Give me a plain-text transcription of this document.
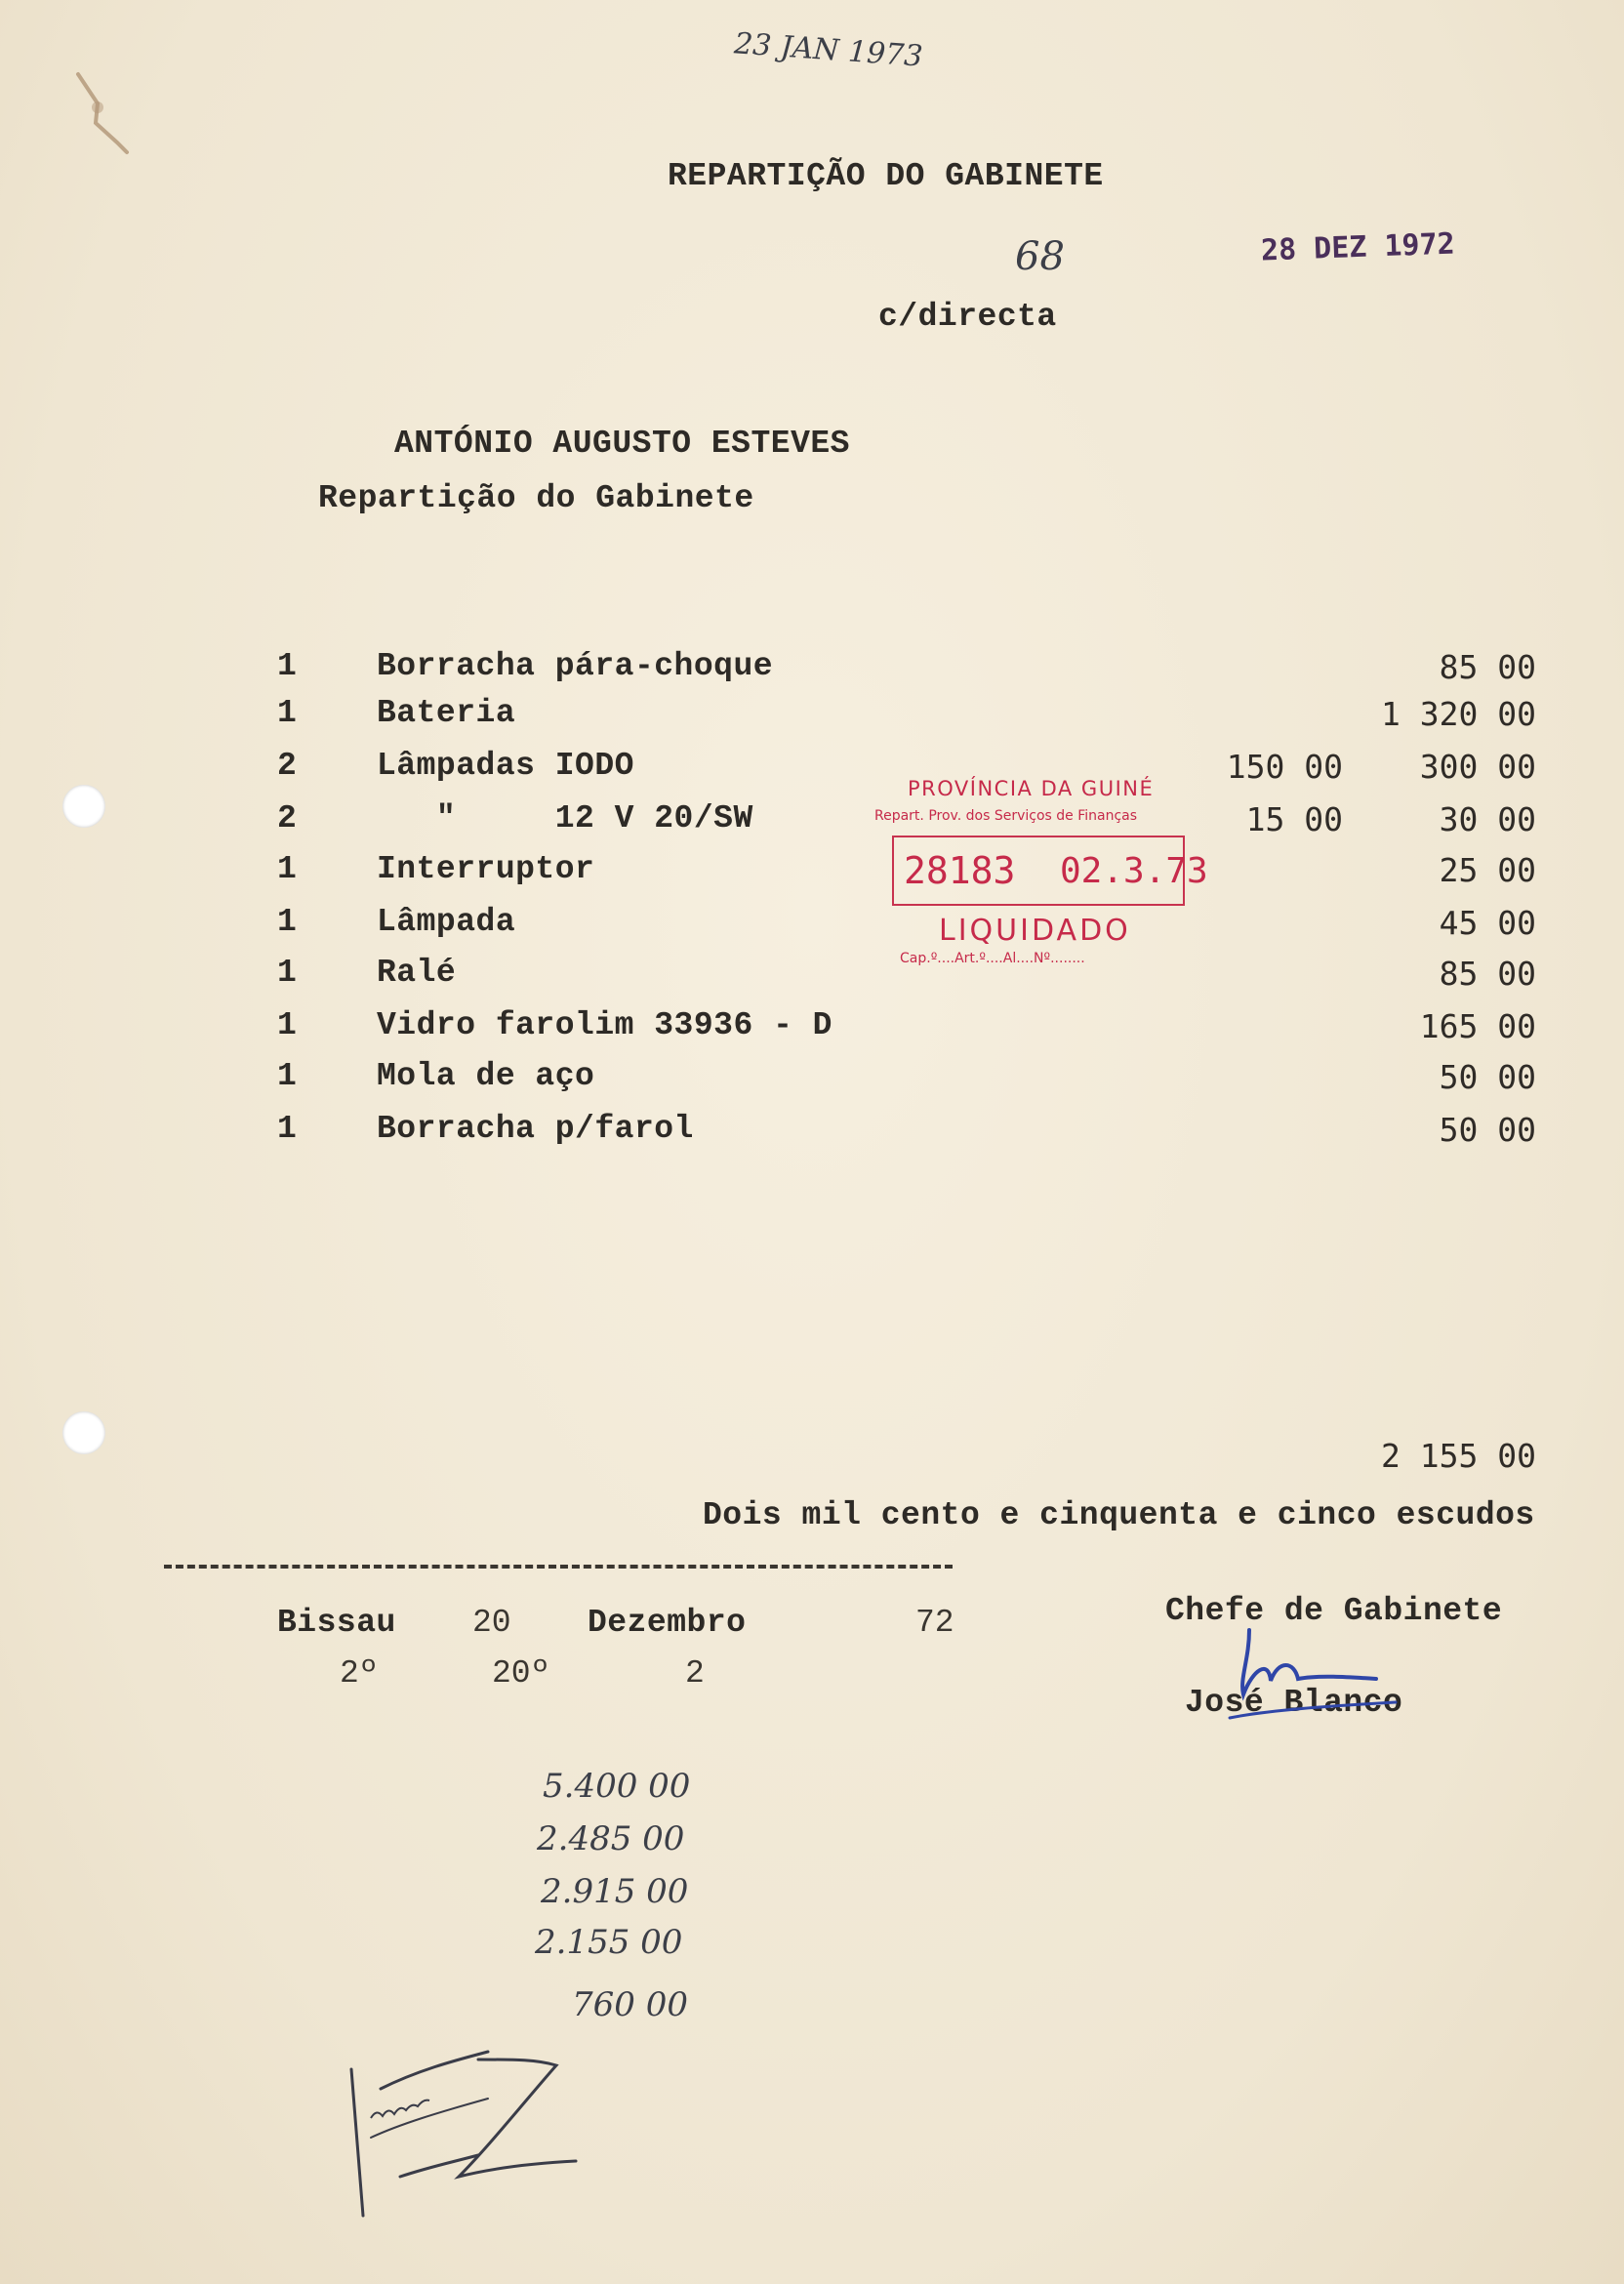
23 JAN 1973
REPARTIÇÃO DO GABINETE
68	28 DEZ 1972
c/directa
ANTÓNIO AUGUSTO ESTEVES
Repartição do Gabinete
1 Borracha pára-choque	85 00
1 Bateria	1 320 00
2 Lâmpadas IODO	150 00	300 00
2 "     12 V 20/SW	15 00	30 00
1 Interruptor	25 00
1 Lâmpada	45 00
1 Ralé	85 00
1 Vidro farolim 33936 - D	165 00
1 Mola de aço	50 00
1 Borracha p/farol	50 00
PROVÍNCIA DA GUINÉ
Repart. Prov. dos Serviços de Finanças
28183 02.3.73
LIQUIDADO
Cap.º....Art.º....Al....Nº........
2 155 00
Dois mil cento e cinquenta e cinco escudos
Bissau 20 Dezembro	72
2º	20º	2
Chefe de Gabinete
José Blanco
5.400 00
2.485 00
2.915 00
2.155 00
760 00
